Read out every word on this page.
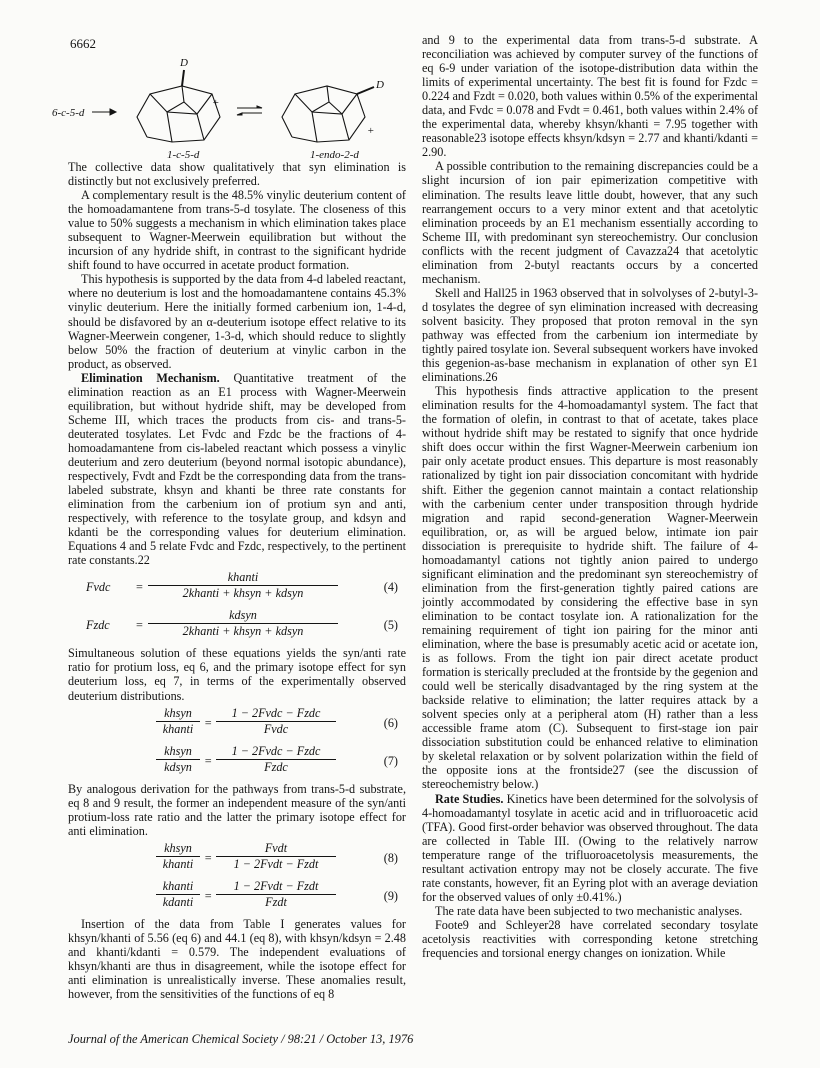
6662
6-c-5-d
D
+
D
+
1-c-5-d	1-endo-2-d

The collective data show qualitatively that syn elimination is distinctly but not exclusively preferred.

A complementary result is the 48.5% vinylic deuterium content of the homoadamantene from trans-5-d tosylate. The closeness of this value to 50% suggests a mechanism in which elimination takes place subsequent to Wagner-Meerwein equilibration but without the incursion of any hydride shift, in contrast to the significant hydride shift found to have occurred in acetate product formation.

This hypothesis is supported by the data from 4-d labeled reactant, where no deuterium is lost and the homoadamantene contains 45.3% vinylic deuterium. Here the initially formed carbenium ion, 1-4-d, should be disfavored by an α-deuterium isotope effect relative to its Wagner-Meerwein congener, 1-3-d, which should reduce to slightly below 50% the fraction of deuterium at vinylic carbon in the product, as observed.

Elimination Mechanism. Quantitative treatment of the elimination reaction as an E1 process with Wagner-Meerwein equilibration, but without hydride shift, may be developed from Scheme III, which traces the products from cis- and trans-5-deuterated tosylates. Let Fvdc and Fzdc be the fractions of 4-homoadamantene from cis-labeled reactant which possess a vinylic deuterium and zero deuterium (beyond normal isotopic abundance), respectively, Fvdt and Fzdt be the corresponding data from the trans-labeled substrate, khsyn and khanti be three rate constants for elimination from the carbenium ion of protium syn and anti, respectively, with reference to the tosylate group, and kdsyn and kdanti be the corresponding values for deuterium elimination. Equations 4 and 5 relate Fvdc and Fzdc, respectively, to the pertinent rate constants.22

Fvdc =
khanti
2khanti + khsyn + kdsyn	(4)
Fzdc =
kdsyn
2khanti + khsyn + kdsyn	(5)

Simultaneous solution of these equations yields the syn/anti rate ratio for protium loss, eq 6, and the primary isotope effect for syn deuterium loss, eq 7, in terms of the experimentally observed deuterium distributions.

khsyn
khanti =
1 − 2Fvdc − Fzdc
Fvdc	(6)
khsyn
kdsyn =
1 − 2Fvdc − Fzdc
Fzdc	(7)

By analogous derivation for the pathways from trans-5-d substrate, eq 8 and 9 result, the former an independent measure of the syn/anti protium-loss rate ratio and the latter the primary isotope effect for anti elimination.

khsyn
khanti =
Fvdt
1 − 2Fvdt − Fzdt	(8)
khanti
kdanti =
1 − 2Fvdt − Fzdt
Fzdt	(9)

Insertion of the data from Table I generates values for khsyn/khanti of 5.56 (eq 6) and 44.1 (eq 8), with khsyn/kdsyn = 2.48 and khanti/kdanti = 0.579. The independent evaluations of khsyn/khanti are thus in disagreement, while the isotope effect for anti elimination is unrealistically inverse. These anomalies result, however, from the sensitivities of the functions of eq 8

and 9 to the experimental data from trans-5-d substrate. A reconciliation was achieved by computer survey of the functions of eq 6-9 under variation of the isotope-distribution data within the limits of experimental uncertainty. The best fit is found for Fzdc = 0.224 and Fzdt = 0.020, both values within 0.5% of the experimental data, and Fvdc = 0.078 and Fvdt = 0.461, both values within 2.4% of the experimental data, whereby khsyn/khanti = 7.95 together with reasonable23 isotope effects khsyn/kdsyn = 2.77 and khanti/kdanti = 2.90.

A possible contribution to the remaining discrepancies could be a slight incursion of ion pair epimerization competitive with elimination. The results leave little doubt, however, that any such rearrangement occurs to a very minor extent and that acetolytic elimination proceeds by an E1 mechanism essentially according to Scheme III, with predominant syn stereochemistry. Our conclusion conflicts with the recent judgment of Cavazza24 that acetolytic elimination from 2-butyl reactants occurs by a concerted mechanism.

Skell and Hall25 in 1963 observed that in solvolyses of 2-butyl-3-d tosylates the degree of syn elimination increased with decreasing solvent basicity. They proposed that proton removal in the syn pathway was effected from the carbenium ion intermediate by tightly paired tosylate ion. Several subsequent workers have invoked this gegenion-as-base mechanism in explanation of other syn E1 eliminations.26

This hypothesis finds attractive application to the present elimination results for the 4-homoadamantyl system. The fact that the formation of olefin, in contrast to that of acetate, takes place without hydride shift may be restated to signify that once hydride shift does occur within the first Wagner-Meerwein carbenium ion pair only acetate product ensues. This departure is most reasonably rationalized by tight ion pair dissociation concomitant with hydride shift. Either the gegenion cannot maintain a contact relationship with the carbenium center under transposition through hydride migration and rapid second-generation Wagner-Meerwein equilibration, or, as will be argued below, intimate ion pair dissociation is prerequisite to hydride shift. The failure of 4-homoadamantyl cations not tightly anion paired to undergo significant elimination and the predominant syn stereochemistry of elimination from the first-generation tightly paired cations are jointly accommodated by considering the effective base in syn elimination to be contact tosylate ion. A rationalization for the remaining requirement of tight ion pairing for the minor anti elimination, where the base is presumably acetic acid or acetate ion, is as follows. From the tight ion pair direct acetate product formation is sterically precluded at the frontside by the gegenion and could well be sterically disadvantaged by the ring system at the backside relative to elimination; the latter requires attack by a solvent species only at a peripheral atom (H) rather than a less accessible frame atom (C). Subsequent to first-stage ion pair dissociation substitution could be enhanced relative to elimination by skeletal relaxation or by solvent polarization within the field of the opposite ions at the frontside27 (see the discussion of stereochemistry below.)

Rate Studies. Kinetics have been determined for the solvolysis of 4-homoadamantyl tosylate in acetic acid and in trifluoroacetic acid (TFA). Good first-order behavior was observed throughout. The data are collected in Table III. (Owing to the relatively narrow temperature range of the trifluoroacetolysis measurements, the resultant activation entropy may not be closely accurate. The five rate constants, however, fit an Eyring plot with an average deviation for the observed values of only ±0.41%.)

The rate data have been subjected to two mechanistic analyses.

Foote9 and Schleyer28 have correlated secondary tosylate acetolysis reactivities with corresponding ketone stretching frequencies and torsional energy changes on ionization. While

Journal of the American Chemical Society / 98:21 / October 13, 1976
